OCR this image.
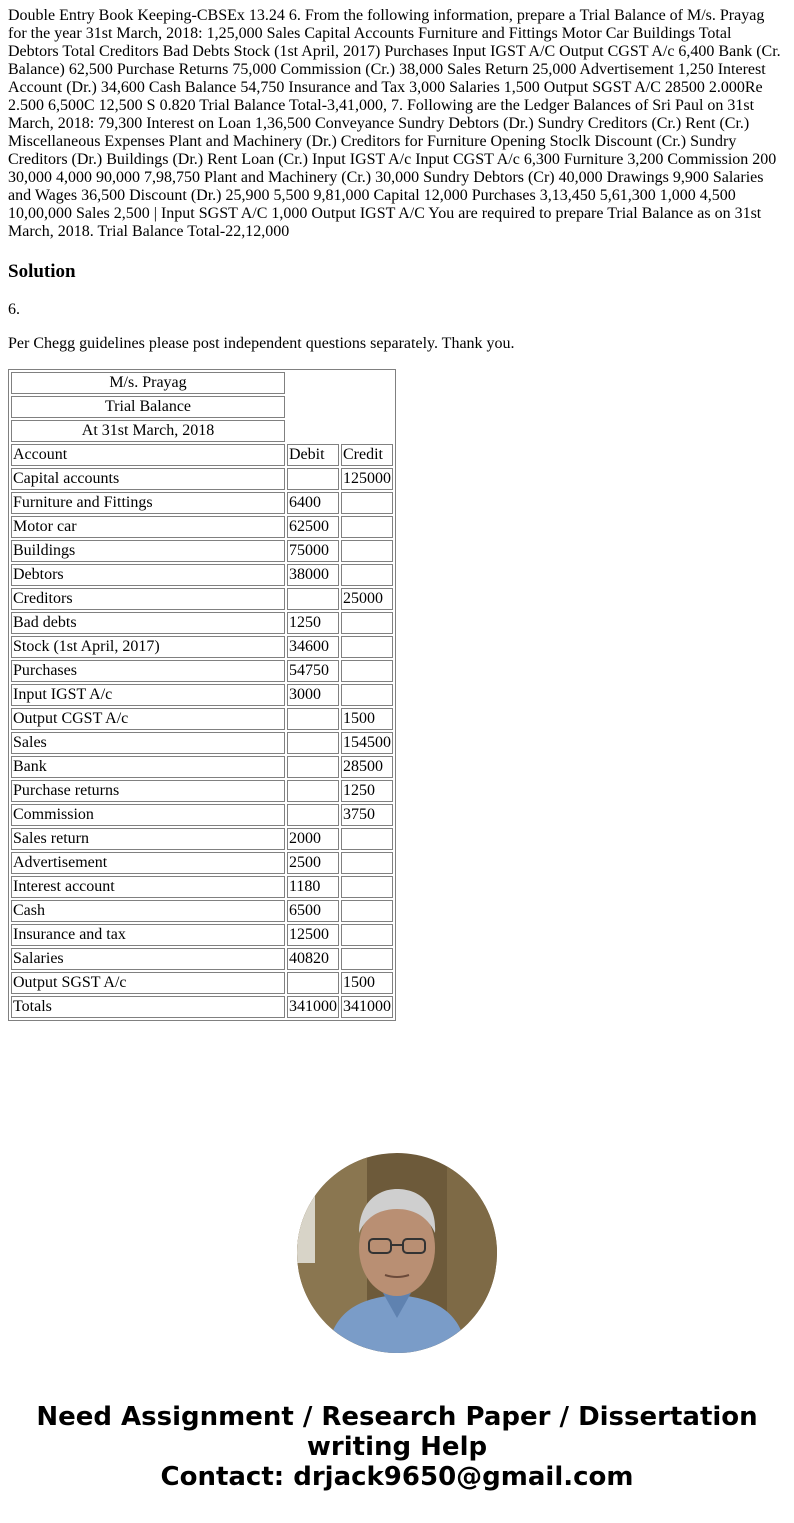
Double Entry Book Keeping-CBSEx 13.24 6. From the following information, prepare a Trial Balance of M/s. Prayag for the year 31st March, 2018: 1,25,000 Sales Capital Accounts Furniture and Fittings Motor Car Buildings Total Debtors Total Creditors Bad Debts Stock (1st April, 2017) Purchases Input IGST A/C Output CGST A/c 6,400 Bank (Cr. Balance) 62,500 Purchase Returns 75,000 Commission (Cr.) 38,000 Sales Return 25,000 Advertisement 1,250 Interest Account (Dr.) 34,600 Cash Balance 54,750 Insurance and Tax 3,000 Salaries 1,500 Output SGST A/C 28500 2.000Re 2.500 6,500C 12,500 S 0.820 Trial Balance Total-3,41,000, 7. Following are the Ledger Balances of Sri Paul on 31st March, 2018: 79,300 Interest on Loan 1,36,500 Conveyance Sundry Debtors (Dr.) Sundry Creditors (Cr.) Rent (Cr.) Miscellaneous Expenses Plant and Machinery (Dr.) Creditors for Furniture Opening Stoclk Discount (Cr.) Sundry Creditors (Dr.) Buildings (Dr.) Rent Loan (Cr.) Input IGST A/c Input CGST A/c 6,300 Furniture 3,200 Commission 200 30,000 4,000 90,000 7,98,750 Plant and Machinery (Cr.) 30,000 Sundry Debtors (Cr) 40,000 Drawings 9,900 Salaries and Wages 36,500 Discount (Dr.) 25,900 5,500 9,81,000 Capital 12,000 Purchases 3,13,450 5,61,300 1,000 4,500 10,00,000 Sales 2,500 | Input SGST A/C 1,000 Output IGST A/C You are required to prepare Trial Balance as on 31st March, 2018. Trial Balance Total-22,12,000

Solution

6.

Per Chegg guidelines please post independent questions separately. Thank you.

M/s. Prayag		
Trial Balance		
At 31st March, 2018		
Account	Debit	Credit
Capital accounts		125000
Furniture and Fittings	6400	
Motor car	62500	
Buildings	75000	
Debtors	38000	
Creditors		25000
Bad debts	1250	
Stock (1st April, 2017)	34600	
Purchases	54750	
Input IGST A/c	3000	
Output CGST A/c		1500
Sales		154500
Bank		28500
Purchase returns		1250
Commission		3750
Sales return	2000	
Advertisement	2500	
Interest account	1180	
Cash	6500	
Insurance and tax	12500	
Salaries	40820	
Output SGST A/c		1500
Totals	341000	341000

Need Assignment / Research Paper / Dissertation
writing Help
Contact: drjack9650@gmail.com
